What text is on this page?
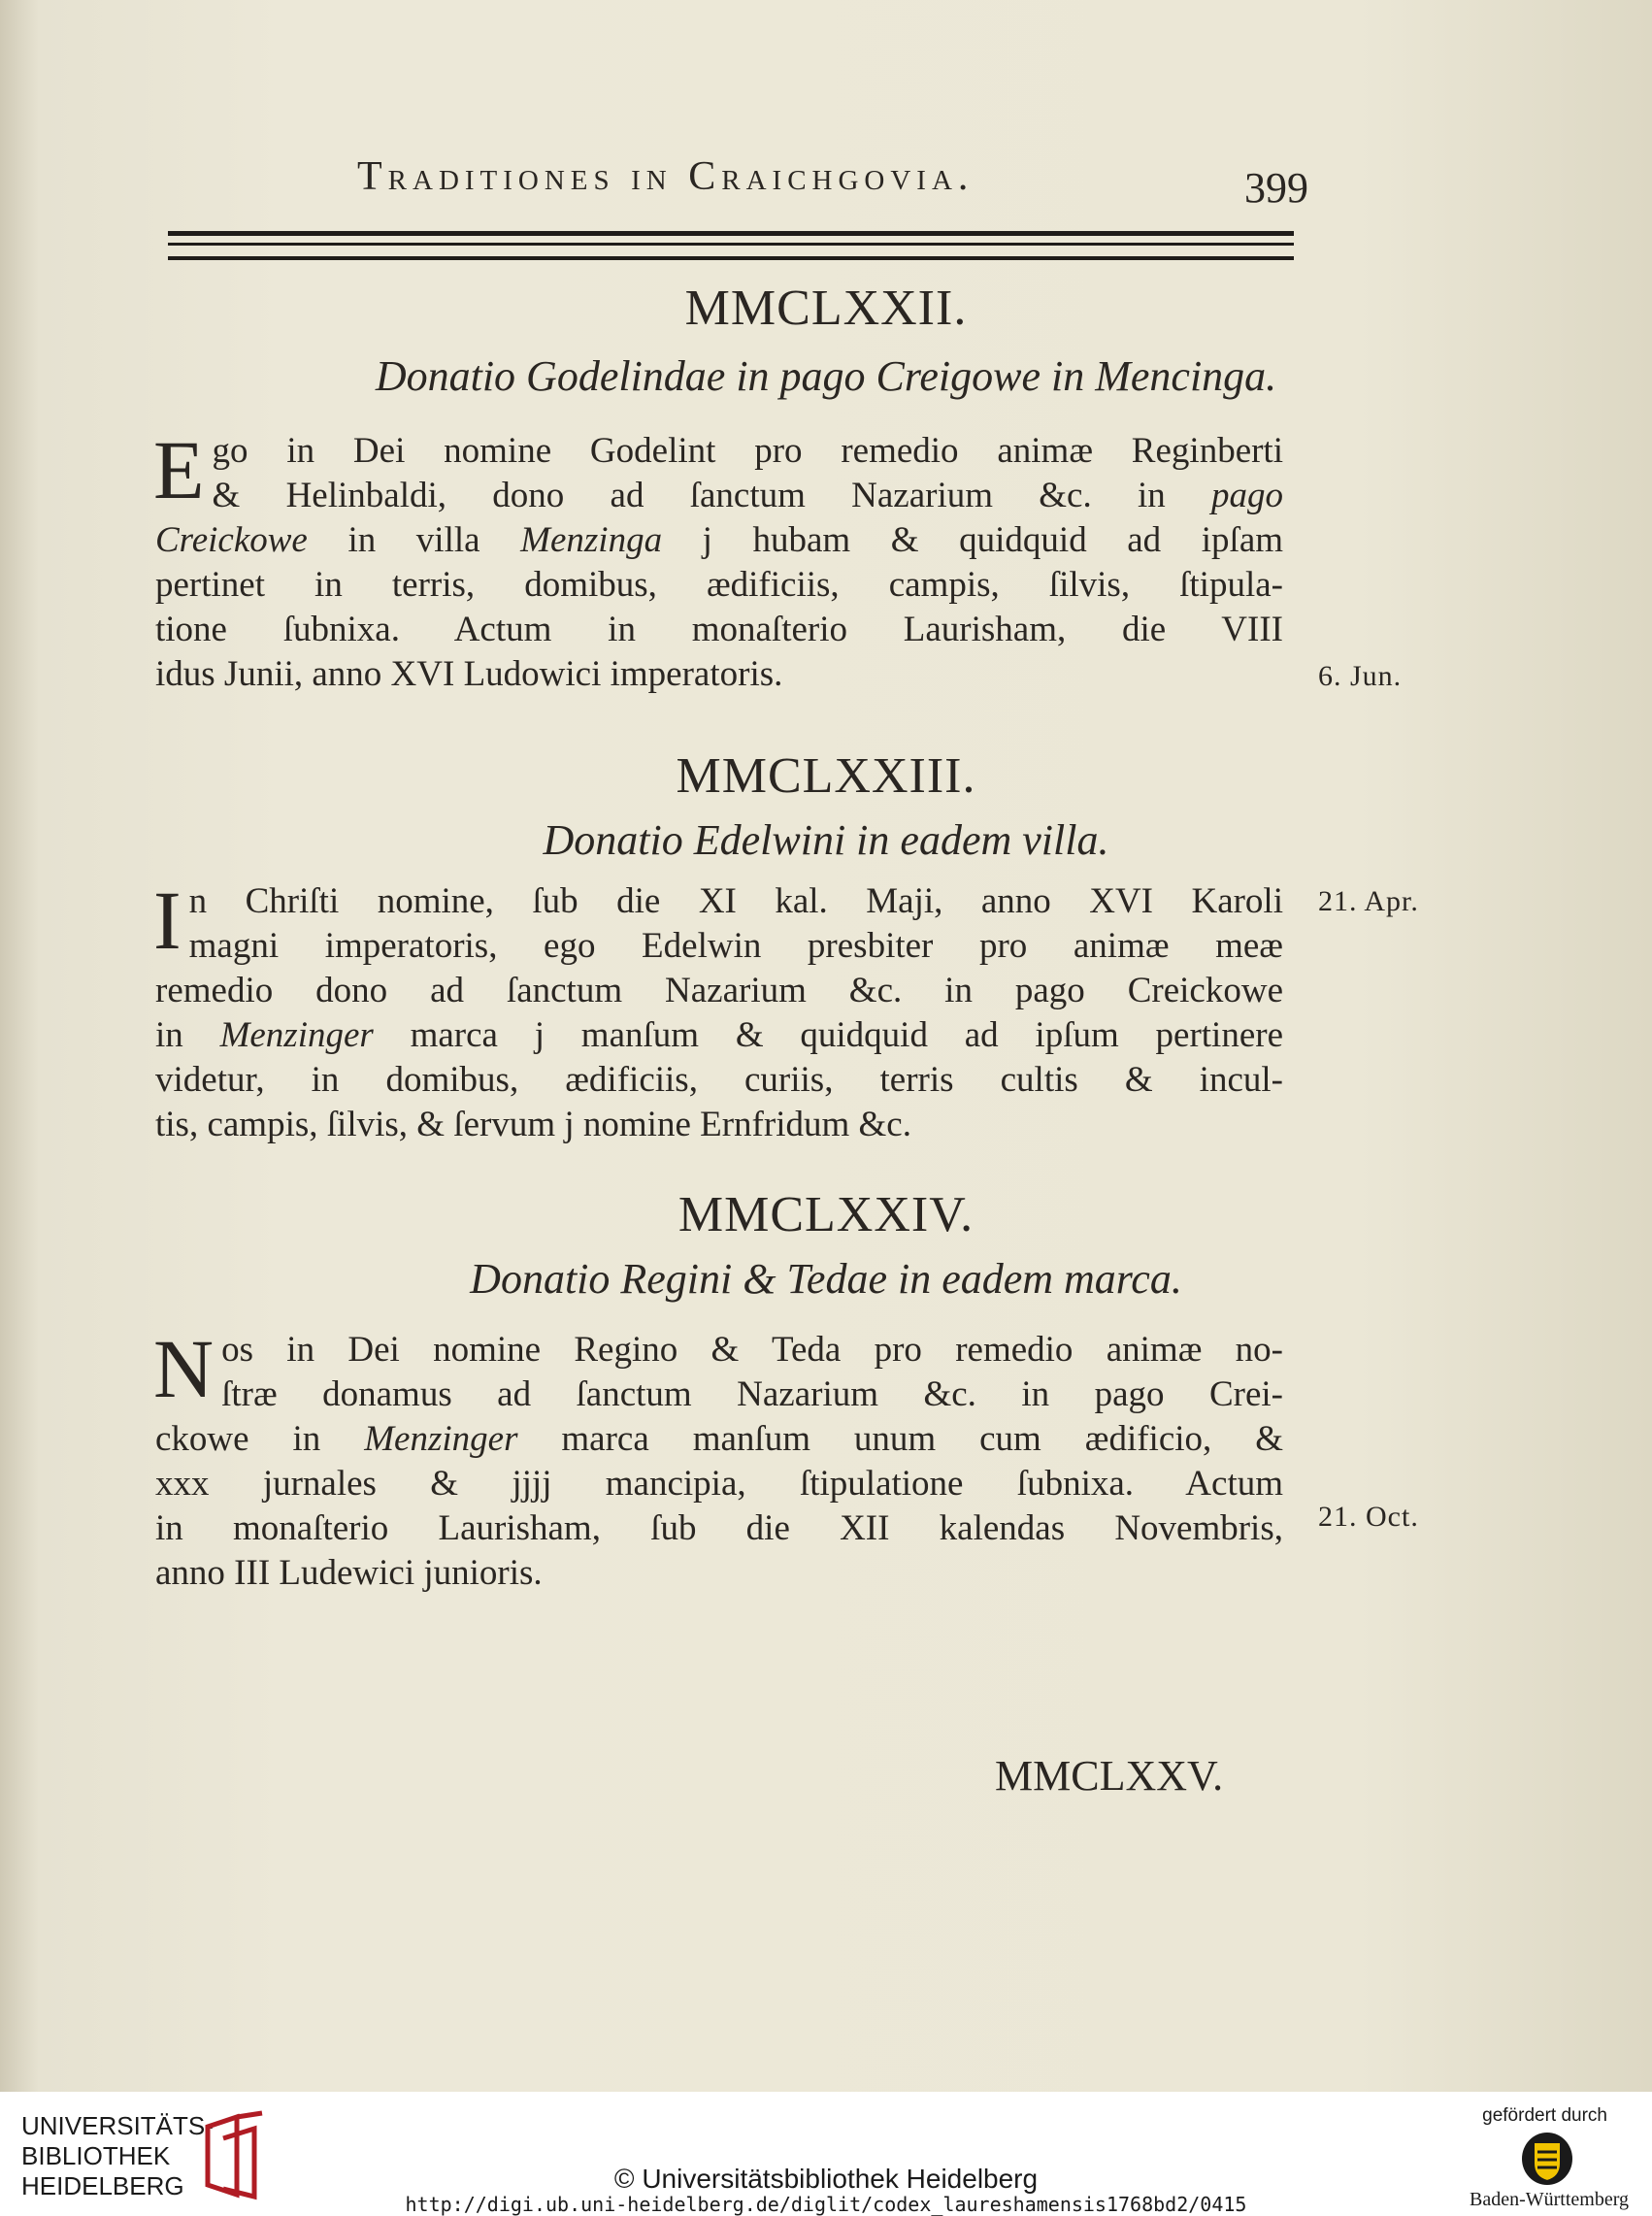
Traditiones in Craichgovia.	399
MMCLXXII.
Donatio Godelindae in pago Creigowe in Mencinga.
E go in Dei nomine Godelint pro remedio animæ Reginberti
& Helinbaldi, dono ad ſanctum Nazarium &c. in pago
Creickowe in villa Menzinga j hubam & quidquid ad ipſam
pertinet in terris, domibus, ædificiis, campis, ſilvis, ſtipula-
tione ſubnixa. Actum in monaſterio Laurisham, die VIII
idus Junii, anno XVI Ludowici imperatoris.	6. Jun.
MMCLXXIII.
Donatio Edelwini in eadem villa.
I n Chriſti nomine, ſub die XI kal. Maji, anno XVI Karoli
magni imperatoris, ego Edelwin presbiter pro animæ meæ
remedio dono ad ſanctum Nazarium &c. in pago Creickowe
in Menzinger marca j manſum & quidquid ad ipſum pertinere
videtur, in domibus, ædificiis, curiis, terris cultis & incul-
tis, campis, ſilvis, & ſervum j nomine Ernfridum &c.
21. Apr.
MMCLXXIV.
Donatio Regini & Tedae in eadem marca.
N os in Dei nomine Regino & Teda pro remedio animæ no-
ſtræ donamus ad ſanctum Nazarium &c. in pago Crei-
ckowe in Menzinger marca manſum unum cum ædificio, &
xxx jurnales & jjjj mancipia, ſtipulatione ſubnixa. Actum
in monaſterio Laurisham, ſub die XII kalendas Novembris,
anno III Ludewici junioris.
21. Oct.
MMCLXXV.
UNIVERSITÄTS-
BIBLIOTHEK
HEIDELBERG	© Universitätsbibliothek Heidelberg
http://digi.ub.uni-heidelberg.de/diglit/codex_laureshamensis1768bd2/0415
gefördert durch
Baden-Württemberg
